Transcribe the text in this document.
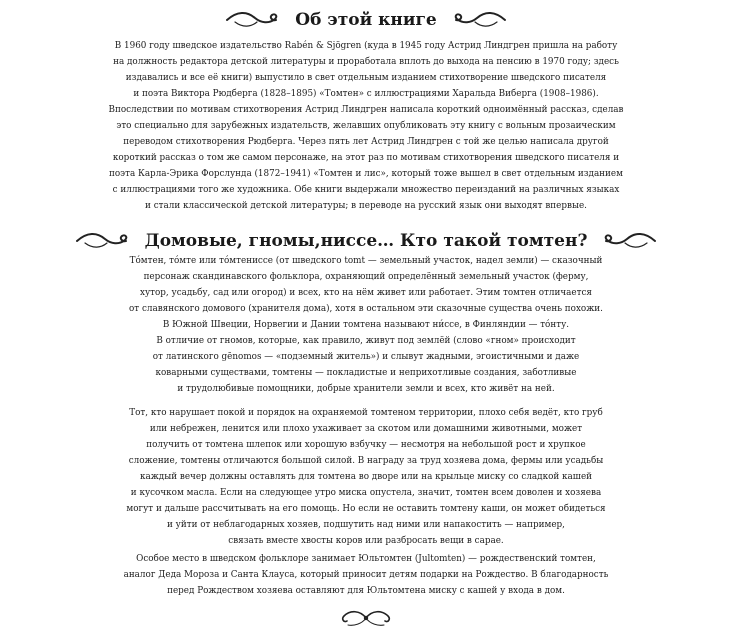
Об этой книге
В 1960 году шведское издательство Rabén & Sjögren (куда в 1945 году Астрид Линдгрен пришла на работу
на должность редактора детской литературы и проработала вплоть до выхода на пенсию в 1970 году; здесь
издавались и все её книги) выпустило в свет отдельным изданием стихотворение шведского писателя
и поэта Виктора Рюдберга (1828–1895) «Томтен» с иллюстрациями Харальда Виберга (1908–1986).
Впоследствии по мотивам стихотворения Астрид Линдгрен написала короткий одноимённый рассказ, сделав
это специально для зарубежных издательств, желавших опубликовать эту книгу с вольным прозаическим
переводом стихотворения Рюдберга. Через пять лет Астрид Линдгрен с той же целью написала другой
короткий рассказ о том же самом персонаже, на этот раз по мотивам стихотворения шведского писателя и
поэта Карла-Эрика Форслунда (1872–1941) «Томтен и лис», который тоже вышел в свет отдельным изданием
с иллюстрациями того же художника. Обе книги выдержали множество переизданий на различных языках
и стали классической детской литературы; в переводе на русский язык они выходят впервые.
Домовые, гномы,ниссе… Кто такой томтен?
То́мтен, то́мте или то́мтениссе (от шведского tomt — земельный участок, надел земли) — сказочный
персонаж скандинавского фольклора, охраняющий определённый земельный участок (ферму,
хутор, усадьбу, сад или огород) и всех, кто на нём живет или работает. Этим томтен отличается
от славянского домового (хранителя дома), хотя в остальном эти сказочные существа очень похожи.
В Южной Швеции, Норвегии и Дании томтена называют ни́ссе, в Финляндии — то́нту.
В отличие от гномов, которые, как правило, живут под землёй (слово «гном» происходит
от латинского gēnomos — «подземный житель») и слывут жадными, эгоистичными и даже
коварными существами, томтены — покладистые и неприхотливые создания, заботливые
и трудолюбивые помощники, добрые хранители земли и всех, кто живёт на ней.
Тот, кто нарушает покой и порядок на охраняемой томтеном территории, плохо себя ведёт, кто груб
или небрежен, ленится или плохо ухаживает за скотом или домашними животными, может
получить от томтена шлепок или хорошую взбучку — несмотря на небольшой рост и хрупкое
сложение, томтены отличаются большой силой. В награду за труд хозяева дома, фермы или усадьбы
каждый вечер должны оставлять для томтена во дворе или на крыльце миску со сладкой кашей
и кусочком масла. Если на следующее утро миска опустела, значит, томтен всем доволен и хозяева
могут и дальше рассчитывать на его помощь. Но если не оставить томтену каши, он может обидеться
и уйти от неблагодарных хозяев, подшутить над ними или напакостить — например,
связать вместе хвосты коров или разбросать вещи в сарае.
Особое место в шведском фольклоре занимает Юльтомтен (Jultomten) — рождественский томтен,
аналог Деда Мороза и Санта Клауса, который приносит детям подарки на Рождество. В благодарность
перед Рождеством хозяева оставляют для Юльтомтена миску с кашей у входа в дом.
